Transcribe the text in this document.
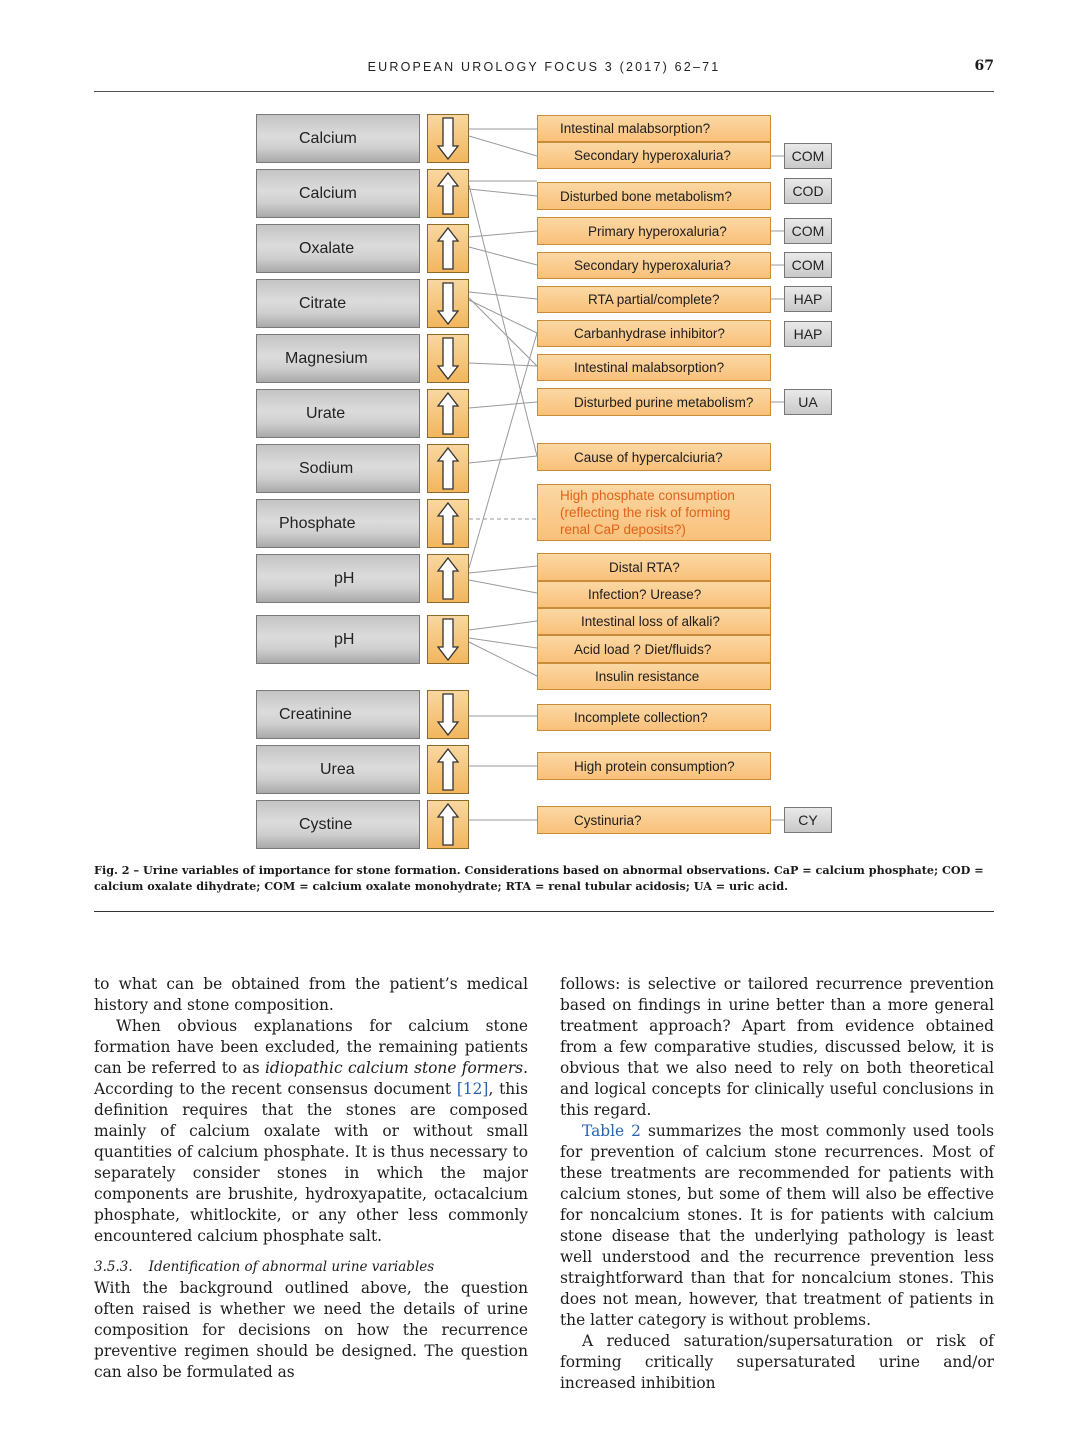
EUROPEAN UROLOGY FOCUS 3 (2017) 62–71	67
Calcium
Calcium
Oxalate
Citrate
Magnesium
Urate
Sodium
Phosphate
pH
pH
Creatinine
Urea
Cystine
Intestinal malabsorption?
Secondary hyperoxaluria?
Disturbed bone metabolism?
Primary hyperoxaluria?
Secondary hyperoxaluria?
RTA partial/complete?
Carbanhydrase inhibitor?
Intestinal malabsorption?
Disturbed purine metabolism?
Cause of hypercalciuria?
High phosphate consumption (reflecting the risk of forming renal CaP deposits?)
Distal RTA?
Infection? Urease?
Intestinal loss of alkali?
Acid load ? Diet/fluids?
Insulin resistance
Incomplete collection?
High protein consumption?
Cystinuria?
COM
COD
COM
COM
HAP
HAP
UA
CY
Fig. 2 – Urine variables of importance for stone formation. Considerations based on abnormal observations. CaP = calcium phosphate; COD = calcium oxalate dihydrate; COM = calcium oxalate monohydrate; RTA = renal tubular acidosis; UA = uric acid.

to what can be obtained from the patient’s medical history and stone composition.

When obvious explanations for calcium stone formation have been excluded, the remaining patients can be referred to as idiopathic calcium stone formers. According to the recent consensus document [12], this definition requires that the stones are composed mainly of calcium oxalate with or without small quantities of calcium phosphate. It is thus necessary to separately consider stones in which the major components are brushite, hydroxyapatite, octacalcium phosphate, whitlockite, or any other less commonly encountered calcium phosphate salt.

3.5.3. Identification of abnormal urine variables

With the background outlined above, the question often raised is whether we need the details of urine composition for decisions on how the recurrence preventive regimen should be designed. The question can also be formulated as

follows: is selective or tailored recurrence prevention based on findings in urine better than a more general treatment approach? Apart from evidence obtained from a few comparative studies, discussed below, it is obvious that we also need to rely on both theoretical and logical concepts for clinically useful conclusions in this regard.

Table 2 summarizes the most commonly used tools for prevention of calcium stone recurrences. Most of these treatments are recommended for patients with calcium stones, but some of them will also be effective for noncalcium stones. It is for patients with calcium stone disease that the underlying pathology is least well understood and the recurrence prevention less straightforward than that for noncalcium stones. This does not mean, however, that treatment of patients in the latter category is without problems.

A reduced saturation/supersaturation or risk of forming critically supersaturated urine and/or increased inhibition
